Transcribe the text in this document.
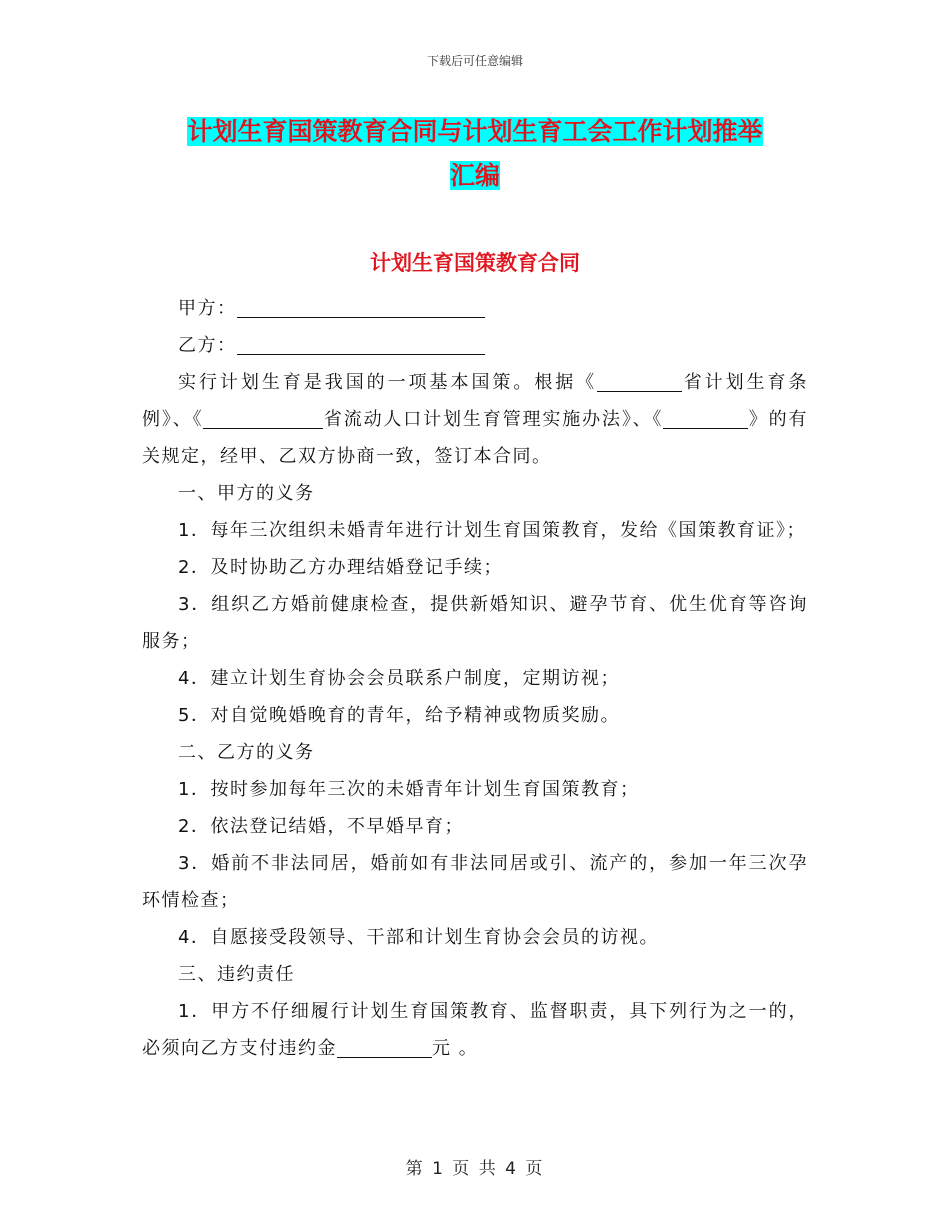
下载后可任意编辑
计划生育国策教育合同与计划生育工会工作计划推举
汇编
计划生育国策教育合同

甲方：

乙方：

实行计划生育是我国的一项基本国策。根据《	省计划生育条例》、《	省流动人口计划生育管理实施办法》、《	》的有关规定，经甲、乙双方协商一致，签订本合同。

一、甲方的义务

1．每年三次组织未婚青年进行计划生育国策教育，发给《国策教育证》；

2．及时协助乙方办理结婚登记手续；

3．组织乙方婚前健康检查，提供新婚知识、避孕节育、优生优育等咨询服务；

4．建立计划生育协会会员联系户制度，定期访视；

5．对自觉晚婚晚育的青年，给予精神或物质奖励。

二、乙方的义务

1．按时参加每年三次的未婚青年计划生育国策教育；

2．依法登记结婚，不早婚早育；

3．婚前不非法同居，婚前如有非法同居或引、流产的，参加一年三次孕环情检查；

4．自愿接受段领导、干部和计划生育协会会员的访视。

三、违约责任

1．甲方不仔细履行计划生育国策教育、监督职责，具下列行为之一的，必须向乙方支付违约金	元 。

第 1 页 共 4 页
